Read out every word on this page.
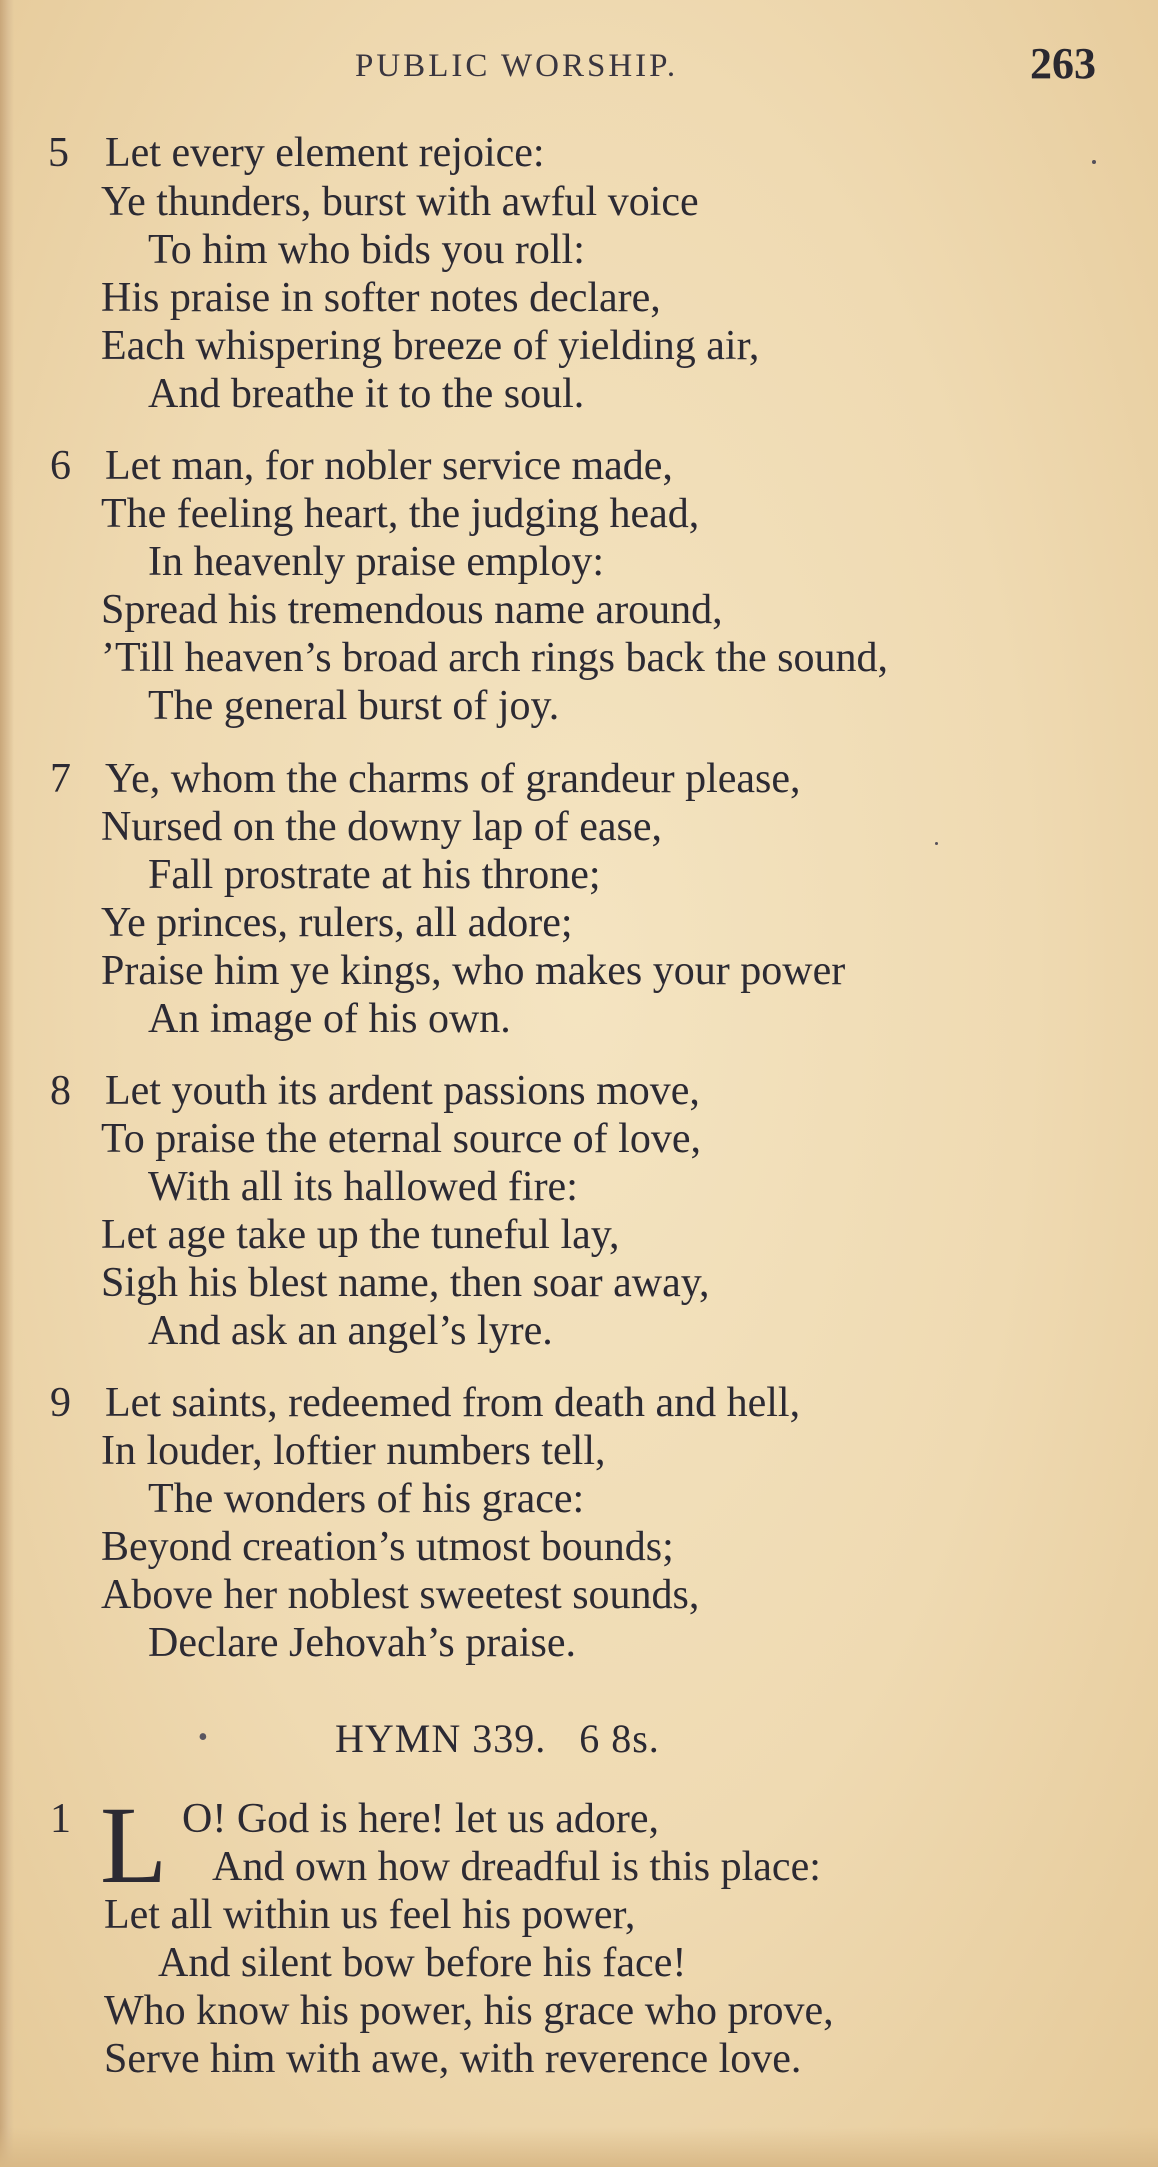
PUBLIC WORSHIP.	263
5 Let every element rejoice:
Ye thunders, burst with awful voice
To him who bids you roll:
His praise in softer notes declare,
Each whispering breeze of yielding air,
And breathe it to the soul.
6 Let man, for nobler service made,
The feeling heart, the judging head,
In heavenly praise employ:
Spread his tremendous name around,
’Till heaven’s broad arch rings back the sound,
The general burst of joy.
7 Ye, whom the charms of grandeur please,
Nursed on the downy lap of ease,
Fall prostrate at his throne;
Ye princes, rulers, all adore;
Praise him ye kings, who makes your power
An image of his own.
8 Let youth its ardent passions move,
To praise the eternal source of love,
With all its hallowed fire:
Let age take up the tuneful lay,
Sigh his blest name, then soar away,
And ask an angel’s lyre.
9 Let saints, redeemed from death and hell,
In louder, loftier numbers tell,
The wonders of his grace:
Beyond creation’s utmost bounds;
Above her noblest sweetest sounds,
Declare Jehovah’s praise.
•	HYMN 339.   6 8s.
1 L O! God is here! let us adore,
And own how dreadful is this place:
Let all within us feel his power,
And silent bow before his face!
Who know his power, his grace who prove,
Serve him with awe, with reverence love.
